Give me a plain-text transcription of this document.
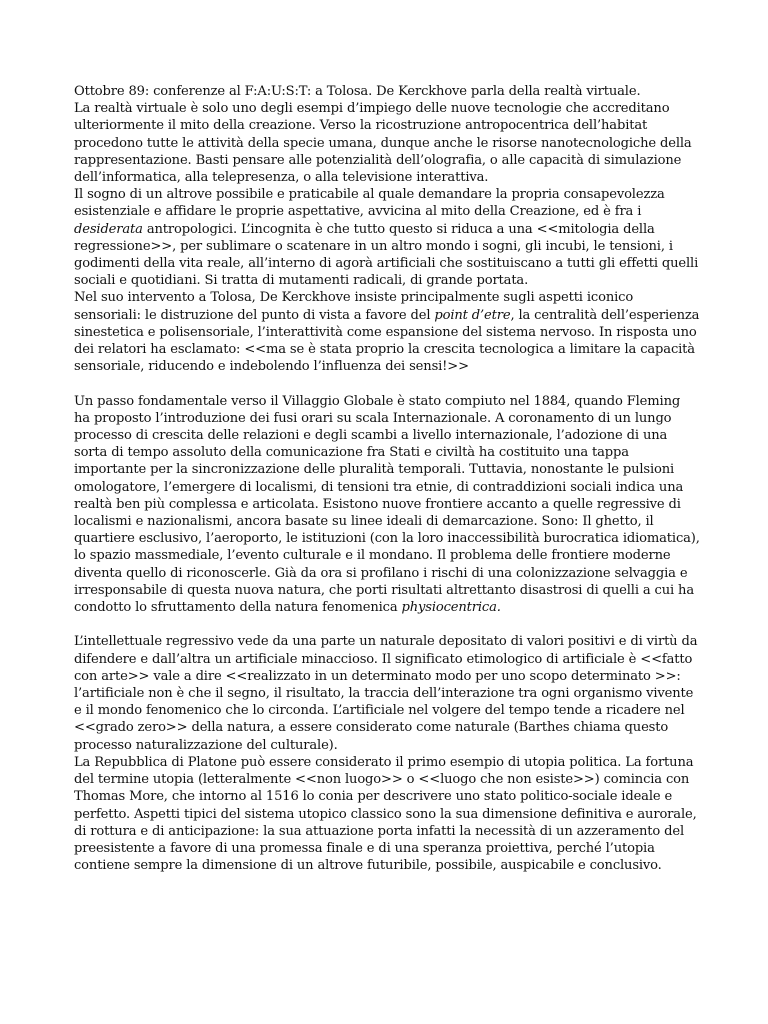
Ottobre 89: conferenze al F:A:U:S:T: a Tolosa. De Kerckhove parla della realtà virtuale.

La realtà virtuale è solo uno degli esempi d’impiego delle nuove tecnologie che accreditano ulteriormente il mito della creazione. Verso la ricostruzione antropocentrica dell’habitat procedono tutte le attività della specie umana, dunque anche le risorse nanotecnologiche della rappresentazione. Basti pensare alle potenzialità dell’olografia, o alle capacità di simulazione dell’informatica, alla telepresenza, o alla televisione interattiva.

Il sogno di un altrove possibile e praticabile al quale demandare la propria consapevolezza esistenziale e affidare le proprie aspettative, avvicina al mito della Creazione, ed è fra i desiderata antropologici. L’incognita è che tutto questo si riduca a una <<mitologia della regressione>>, per sublimare o scatenare in un altro mondo i sogni, gli incubi, le tensioni, i godimenti della vita reale, all’interno di agorà artificiali che sostituiscano a tutti gli effetti quelli sociali e quotidiani. Si tratta di mutamenti radicali, di grande portata.

Nel suo intervento a Tolosa, De Kerckhove insiste principalmente sugli aspetti iconico sensoriali: le distruzione del punto di vista a favore del point d’etre, la centralità dell’esperienza sinestetica e polisensoriale, l’interattività come espansione del sistema nervoso. In risposta uno dei relatori ha esclamato: <<ma se è stata proprio la crescita tecnologica a limitare la capacità sensoriale, riducendo e indebolendo l’influenza dei sensi!>>

Un passo fondamentale verso il Villaggio Globale è stato compiuto nel 1884, quando Fleming ha proposto l’introduzione dei fusi orari su scala Internazionale. A coronamento di un lungo processo di crescita delle relazioni e degli scambi a livello internazionale, l’adozione di una sorta di tempo assoluto della comunicazione fra Stati e civiltà ha costituito una tappa importante per la sincronizzazione delle pluralità temporali. Tuttavia, nonostante le pulsioni omologatore, l’emergere di localismi, di tensioni tra etnie, di contraddizioni sociali indica una realtà ben più complessa e articolata. Esistono nuove frontiere accanto a quelle regressive di localismi e nazionalismi, ancora basate su linee ideali di demarcazione. Sono: Il ghetto, il quartiere esclusivo, l’aeroporto, le istituzioni (con la loro inaccessibilità burocratica idiomatica), lo spazio massmediale, l’evento culturale e il mondano. Il problema delle frontiere moderne diventa quello di riconoscerle. Già da ora si profilano i rischi di una colonizzazione selvaggia e irresponsabile di questa nuova natura, che porti risultati altrettanto disastrosi di quelli a cui ha condotto lo sfruttamento della natura fenomenica physiocentrica.

L’intellettuale regressivo vede da una parte un naturale depositato di valori positivi e di virtù da difendere e dall’altra un artificiale minaccioso. Il significato etimologico di artificiale è <<fatto con arte>> vale a dire <<realizzato in un determinato modo per uno scopo determinato >>: l’artificiale non è che il segno, il risultato, la traccia dell’interazione tra ogni organismo vivente e il mondo fenomenico che lo circonda. L’artificiale nel volgere del tempo tende a ricadere nel <<grado zero>> della natura, a essere considerato come naturale (Barthes chiama questo processo naturalizzazione del culturale).

La Repubblica di Platone può essere considerato il primo esempio di utopia politica. La fortuna del termine utopia (letteralmente <<non luogo>> o <<luogo che non esiste>>) comincia con Thomas More, che intorno al 1516 lo conia per descrivere uno stato politico-sociale ideale e perfetto. Aspetti tipici del sistema utopico classico sono la sua dimensione definitiva e aurorale, di rottura e di anticipazione: la sua attuazione porta infatti la necessità di un azzeramento del preesistente a favore di una promessa finale e di una speranza proiettiva, perché l’utopia contiene sempre la dimensione di un altrove futuribile, possibile, auspicabile e conclusivo.
